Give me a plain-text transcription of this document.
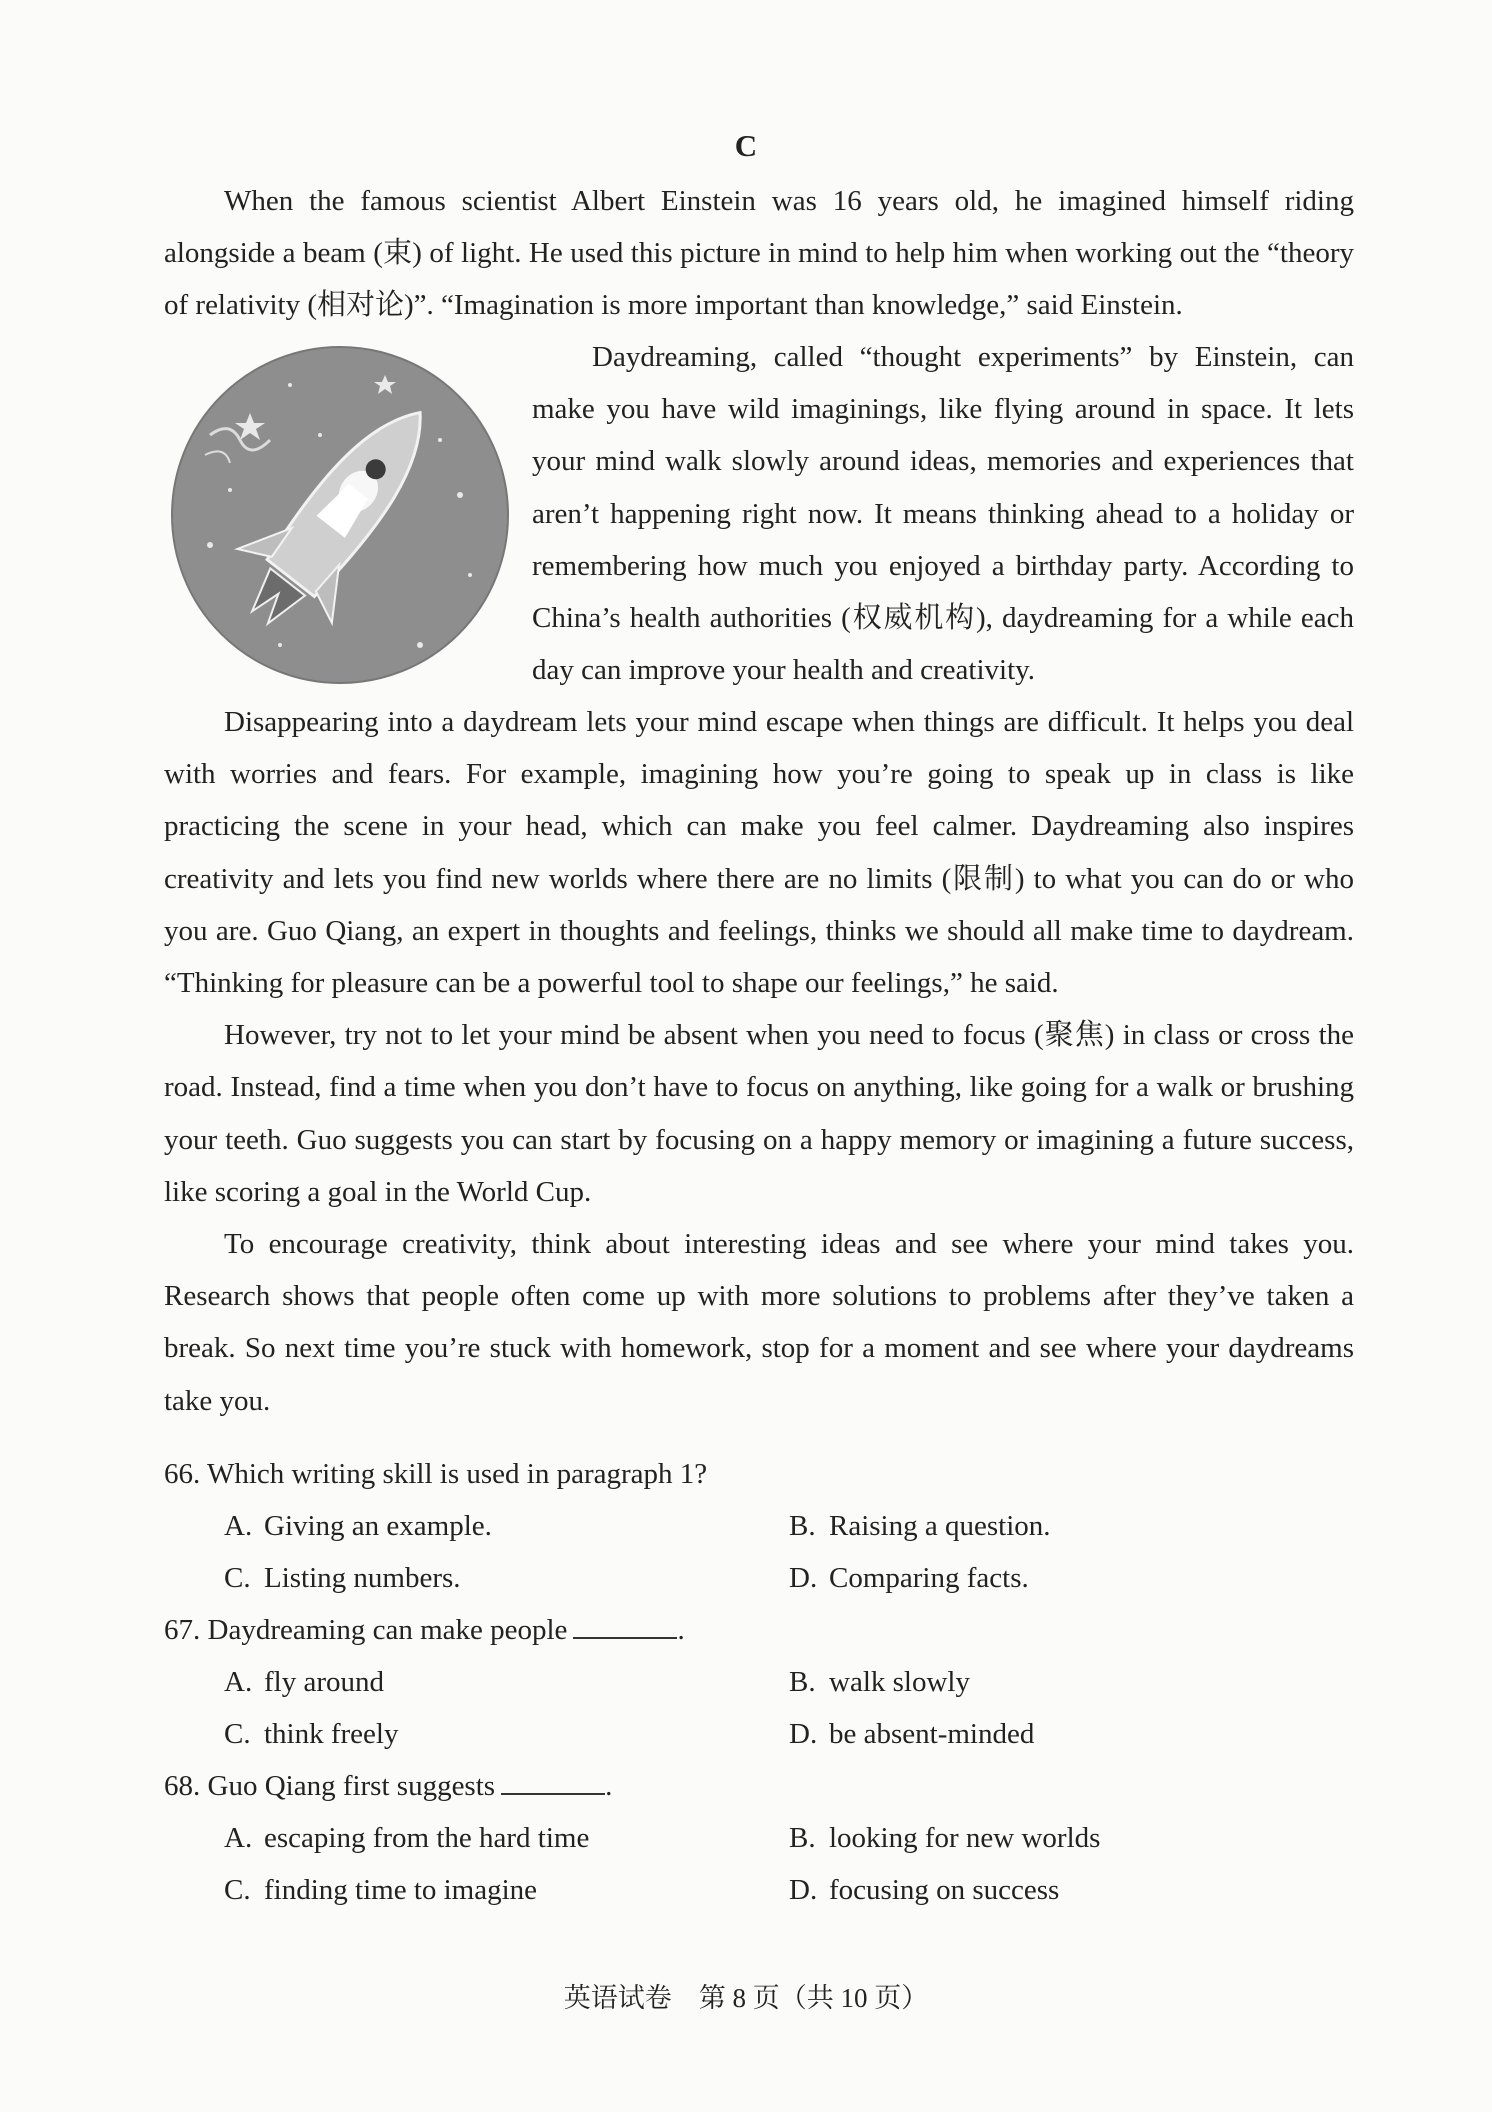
C

When the famous scientist Albert Einstein was 16 years old, he imagined himself riding alongside a beam (束) of light. He used this picture in mind to help him when working out the “theory of relativity (相对论)”. “Imagination is more important than knowledge,” said Einstein.

Daydreaming, called “thought experiments” by Einstein, can make you have wild imaginings, like flying around in space. It lets your mind walk slowly around ideas, memories and experiences that aren’t happening right now. It means thinking ahead to a holiday or remembering how much you enjoyed a birthday party. According to China’s health authorities (权威机构), daydreaming for a while each day can improve your health and creativity.

Disappearing into a daydream lets your mind escape when things are difficult. It helps you deal with worries and fears. For example, imagining how you’re going to speak up in class is like practicing the scene in your head, which can make you feel calmer. Daydreaming also inspires creativity and lets you find new worlds where there are no limits (限制) to what you can do or who you are. Guo Qiang, an expert in thoughts and feelings, thinks we should all make time to daydream. “Thinking for pleasure can be a powerful tool to shape our feelings,” he said.

However, try not to let your mind be absent when you need to focus (聚焦) in class or cross the road. Instead, find a time when you don’t have to focus on anything, like going for a walk or brushing your teeth. Guo suggests you can start by focusing on a happy memory or imagining a future success, like scoring a goal in the World Cup.

To encourage creativity, think about interesting ideas and see where your mind takes you. Research shows that people often come up with more solutions to problems after they’ve taken a break. So next time you’re stuck with homework, stop for a moment and see where your daydreams take you.

66. Which writing skill is used in paragraph 1?
A. Giving an example.	B. Raising a question.
C. Listing numbers.	D. Comparing facts.
67. Daydreaming can make people	.
A. fly around	B. walk slowly
C. think freely	D. be absent-minded
68. Guo Qiang first suggests	.
A. escaping from the hard time	B. looking for new worlds
C. finding time to imagine	D. focusing on success
英语试卷　第 8 页（共 10 页）
